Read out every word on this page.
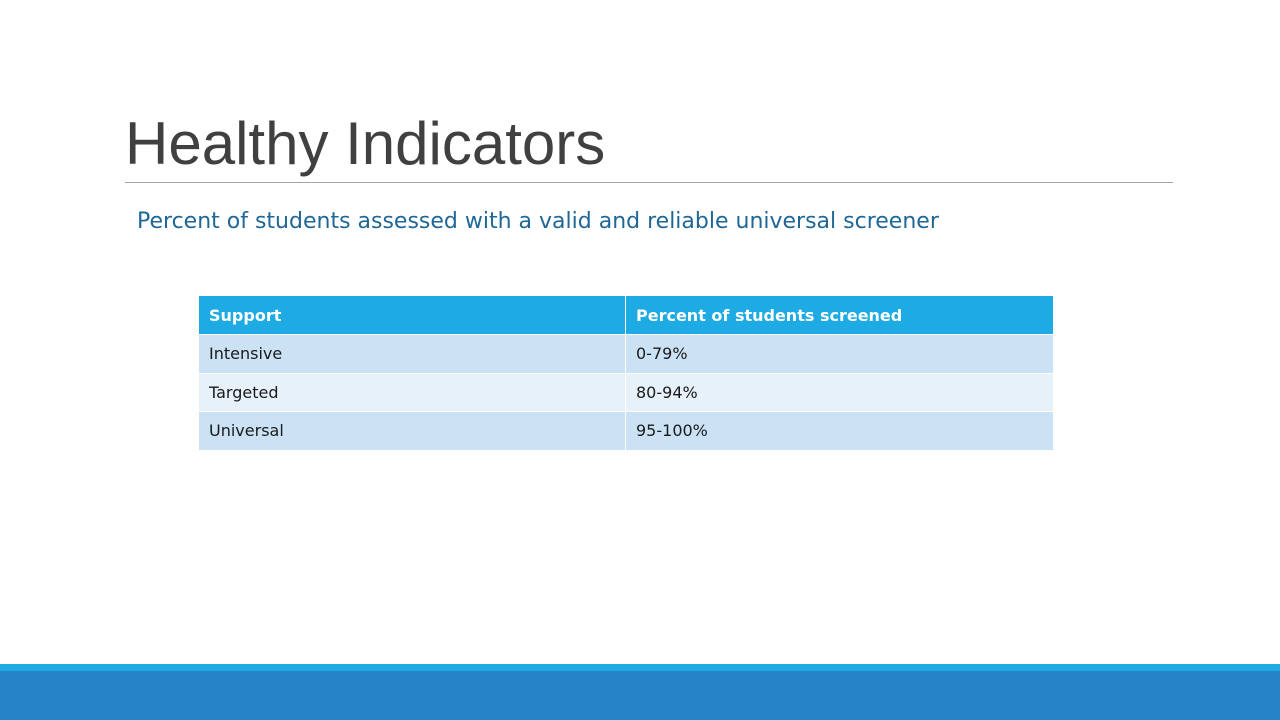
Healthy Indicators
Percent of students assessed with a valid and reliable universal screener
Support	Percent of students screened
Intensive	0-79%
Targeted	80-94%
Universal	95-100%
